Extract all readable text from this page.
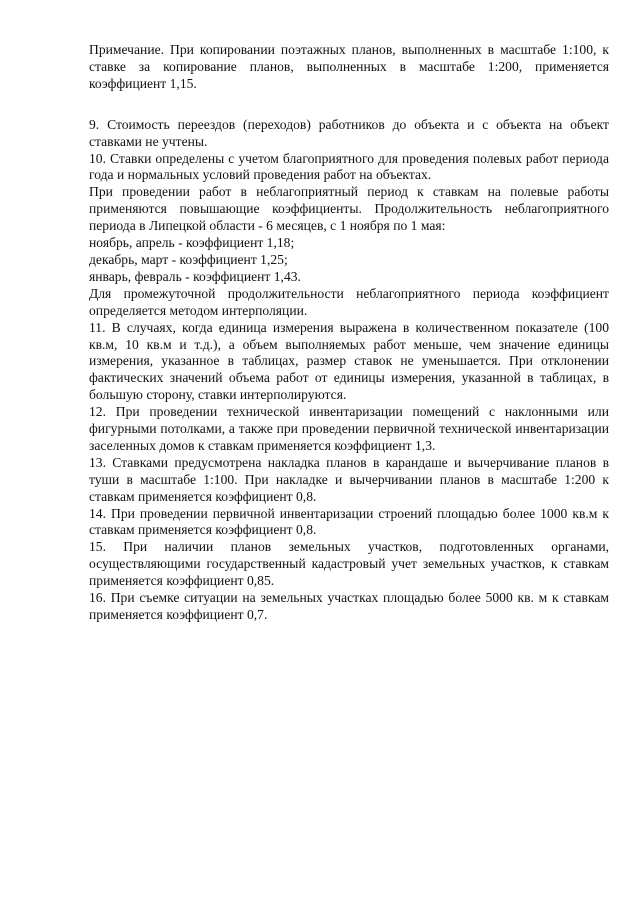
Примечание. При копировании поэтажных планов, выполненных в масштабе 1:100, к ставке за копирование планов, выполненных в масштабе 1:200, применяется коэффициент 1,15.

9. Стоимость переездов (переходов) работников до объекта и с объекта на объект ставками не учтены.

10. Ставки определены с учетом благоприятного для проведения полевых работ периода года и нормальных условий проведения работ на объектах.

При проведении работ в неблагоприятный период к ставкам на полевые работы применяются повышающие коэффициенты. Продолжительность неблагоприятного периода в Липецкой области - 6 месяцев, с 1 ноября по 1 мая:

ноябрь, апрель - коэффициент 1,18;

декабрь, март - коэффициент 1,25;

январь, февраль - коэффициент 1,43.

Для промежуточной продолжительности неблагоприятного периода коэффициент определяется методом интерполяции.

11. В случаях, когда единица измерения выражена в количественном показателе (100 кв.м, 10 кв.м и т.д.), а объем выполняемых работ меньше, чем значение единицы измерения, указанное в таблицах, размер ставок не уменьшается. При отклонении фактических значений объема работ от единицы измерения, указанной в таблицах, в большую сторону, ставки интерполируются.

12. При проведении технической инвентаризации помещений с наклонными или фигурными потолками, а также при проведении первичной технической инвентаризации заселенных домов к ставкам применяется коэффициент 1,3.

13. Ставками предусмотрена накладка планов в карандаше и вычерчивание планов в туши в масштабе 1:100. При накладке и вычерчивании планов в масштабе 1:200 к ставкам применяется коэффициент 0,8.

14. При проведении первичной инвентаризации строений площадью более 1000 кв.м к ставкам применяется коэффициент 0,8.

15. При наличии планов земельных участков, подготовленных органами, осуществляющими государственный кадастровый учет земельных участков, к ставкам применяется коэффициент 0,85.

16. При съемке ситуации на земельных участках площадью более 5000 кв. м к ставкам применяется коэффициент 0,7.
